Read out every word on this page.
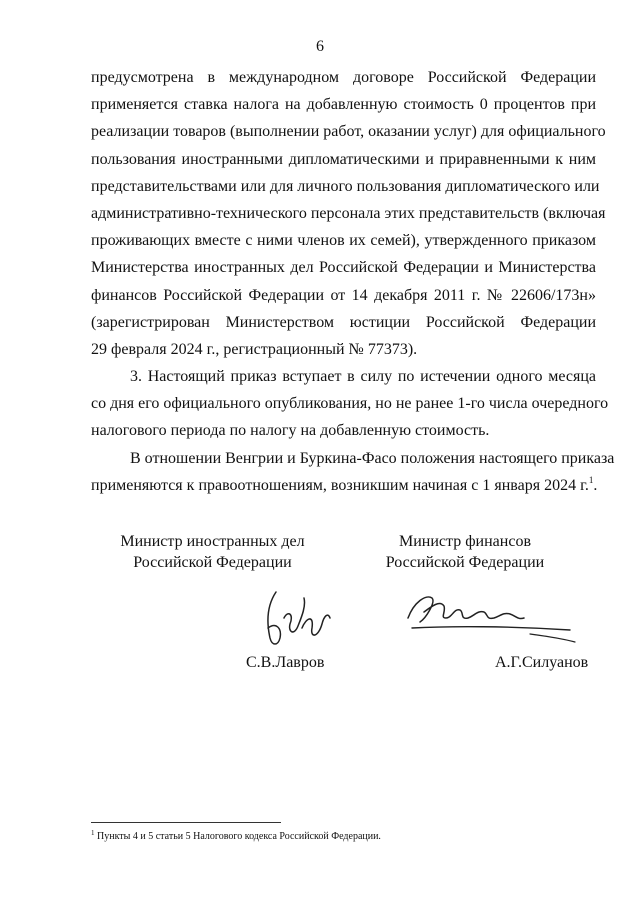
6
предусмотрена в международном договоре Российской Федерации
применяется ставка налога на добавленную стоимость 0 процентов при
реализации товаров (выполнении работ, оказании услуг) для официального
пользования иностранными дипломатическими и приравненными к ним
представительствами или для личного пользования дипломатического или
административно-технического персонала этих представительств (включая
проживающих вместе с ними членов их семей), утвержденного приказом
Министерства иностранных дел Российской Федерации и Министерства
финансов Российской Федерации от 14 декабря 2011 г. № 22606/173н»
(зарегистрирован Министерством юстиции Российской Федерации
29 февраля 2024 г., регистрационный № 77373).
3. Настоящий приказ вступает в силу по истечении одного месяца
со дня его официального опубликования, но не ранее 1-го числа очередного
налогового периода по налогу на добавленную стоимость.
В отношении Венгрии и Буркина-Фасо положения настоящего приказа
применяются к правоотношениям, возникшим начиная с 1 января 2024 г.$^1$.
Министр иностранных дел
Российской Федерации
Министр финансов
Российской Федерации
С.В.Лавров	А.Г.Силуанов
$^1$ Пункты 4 и 5 статьи 5 Налогового кодекса Российской Федерации.
